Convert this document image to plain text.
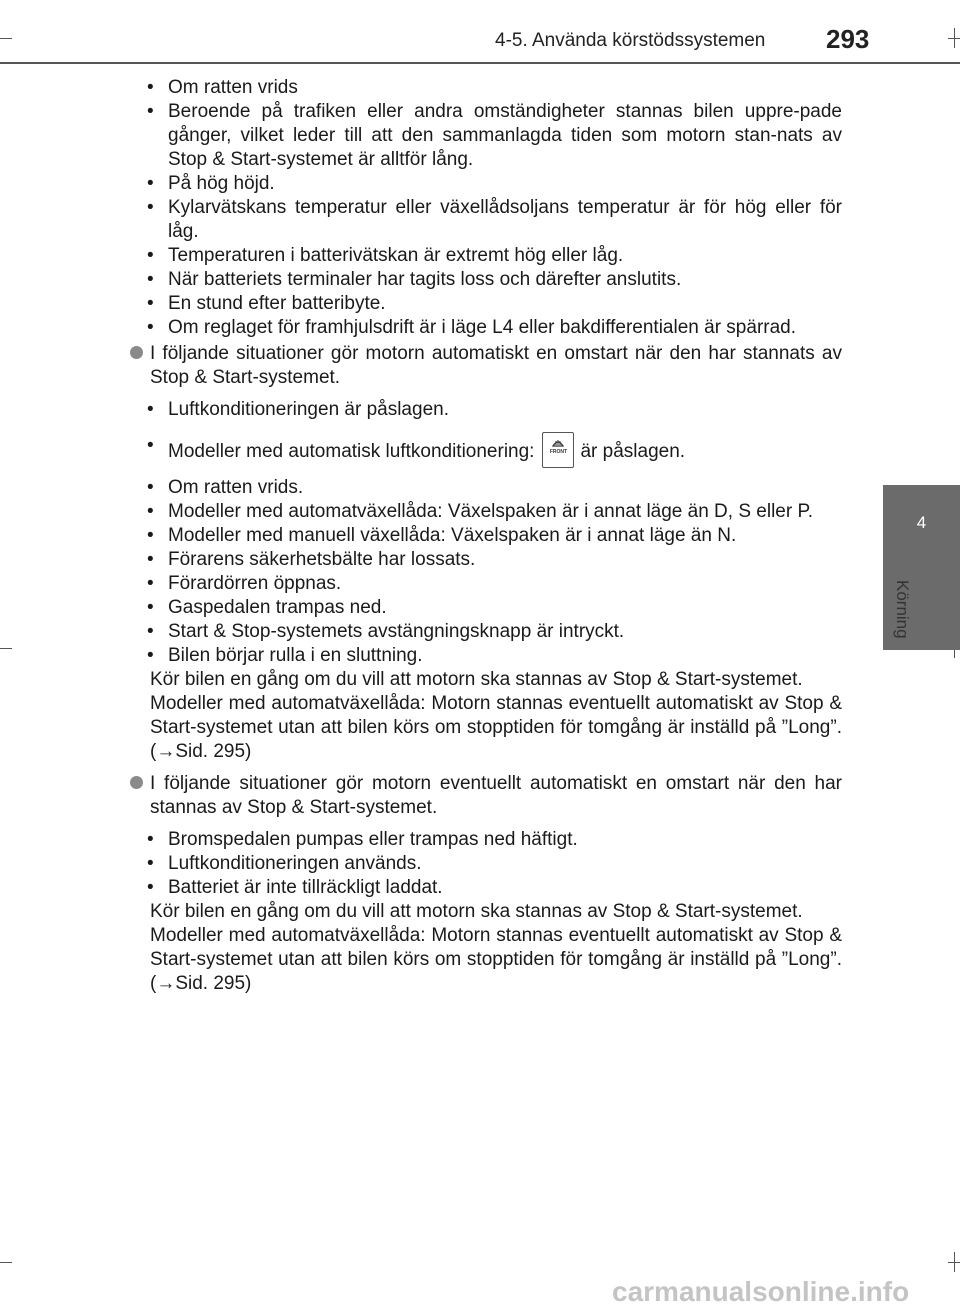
4-5. Använda körstödssystemen 293
4
Körning
• Om ratten vrids
• Beroende på trafiken eller andra omständigheter stannas bilen uppre-pade gånger, vilket leder till att den sammanlagda tiden som motorn stan-nats av Stop & Start-systemet är alltför lång.
• På hög höjd.
• Kylarvätskans temperatur eller växellådsoljans temperatur är för hög eller för låg.
• Temperaturen i batterivätskan är extremt hög eller låg.
• När batteriets terminaler har tagits loss och därefter anslutits.
• En stund efter batteribyte.
• Om reglaget för framhjulsdrift är i läge L4 eller bakdifferentialen är spärrad.
I följande situationer gör motorn automatiskt en omstart när den har stannats av Stop & Start-systemet.
• Luftkonditioneringen är påslagen.
• Modeller med automatisk luftkonditionering:	FRONT är påslagen.
• Om ratten vrids.
• Modeller med automatväxellåda: Växelspaken är i annat läge än D, S eller P.
• Modeller med manuell växellåda: Växelspaken är i annat läge än N.
• Förarens säkerhetsbälte har lossats.
• Förardörren öppnas.
• Gaspedalen trampas ned.
• Start & Stop-systemets avstängningsknapp är intryckt.
• Bilen börjar rulla i en sluttning.
Kör bilen en gång om du vill att motorn ska stannas av Stop & Start-systemet.
Modeller med automatväxellåda: Motorn stannas eventuellt automatiskt av Stop & Start-systemet utan att bilen körs om stopptiden för tomgång är inställd på ”Long”. (→Sid. 295)
I följande situationer gör motorn eventuellt automatiskt en omstart när den har stannas av Stop & Start-systemet.
• Bromspedalen pumpas eller trampas ned häftigt.
• Luftkonditioneringen används.
• Batteriet är inte tillräckligt laddat.
Kör bilen en gång om du vill att motorn ska stannas av Stop & Start-systemet.
Modeller med automatväxellåda: Motorn stannas eventuellt automatiskt av Stop & Start-systemet utan att bilen körs om stopptiden för tomgång är inställd på ”Long”. (→Sid. 295)
carmanualsonline.info
